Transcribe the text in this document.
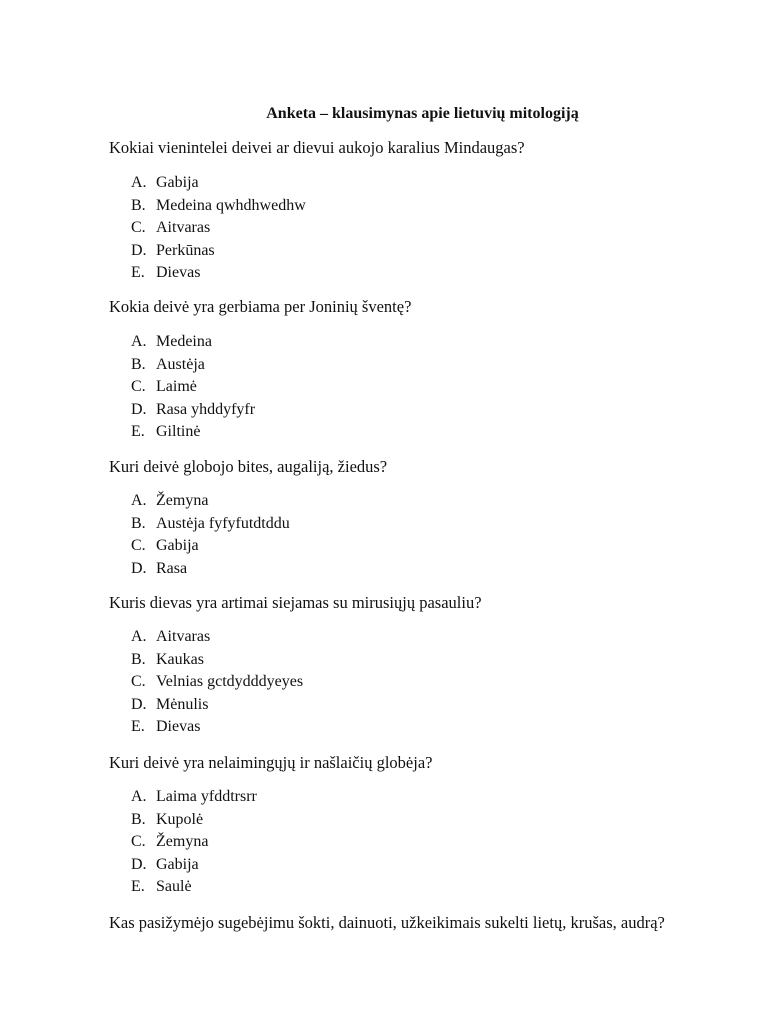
Anketa – klausimynas apie lietuvių mitologiją
Kokiai vienintelei deivei ar dievui aukojo karalius Mindaugas?
A. Gabija
B. Medeina qwhdhwedhw
C. Aitvaras
D. Perkūnas
E. Dievas
Kokia deivė yra gerbiama per Joninių šventę?
A. Medeina
B. Austėja
C. Laimė
D. Rasa yhddyfyfr
E. Giltinė
Kuri deivė globojo bites, augaliją, žiedus?
A. Žemyna
B. Austėja fyfyfutdtddu
C. Gabija
D. Rasa
Kuris dievas yra artimai siejamas su mirusiųjų pasauliu?
A. Aitvaras
B. Kaukas
C. Velnias gctdydddyeyes
D. Mėnulis
E. Dievas
Kuri deivė yra nelaimingųjų ir našlaičių globėja?
A. Laima yfddtrsrr
B. Kupolė
C. Žemyna
D. Gabija
E. Saulė
Kas pasižymėjo sugebėjimu šokti, dainuoti, užkeikimais sukelti lietų, krušas, audrą?
